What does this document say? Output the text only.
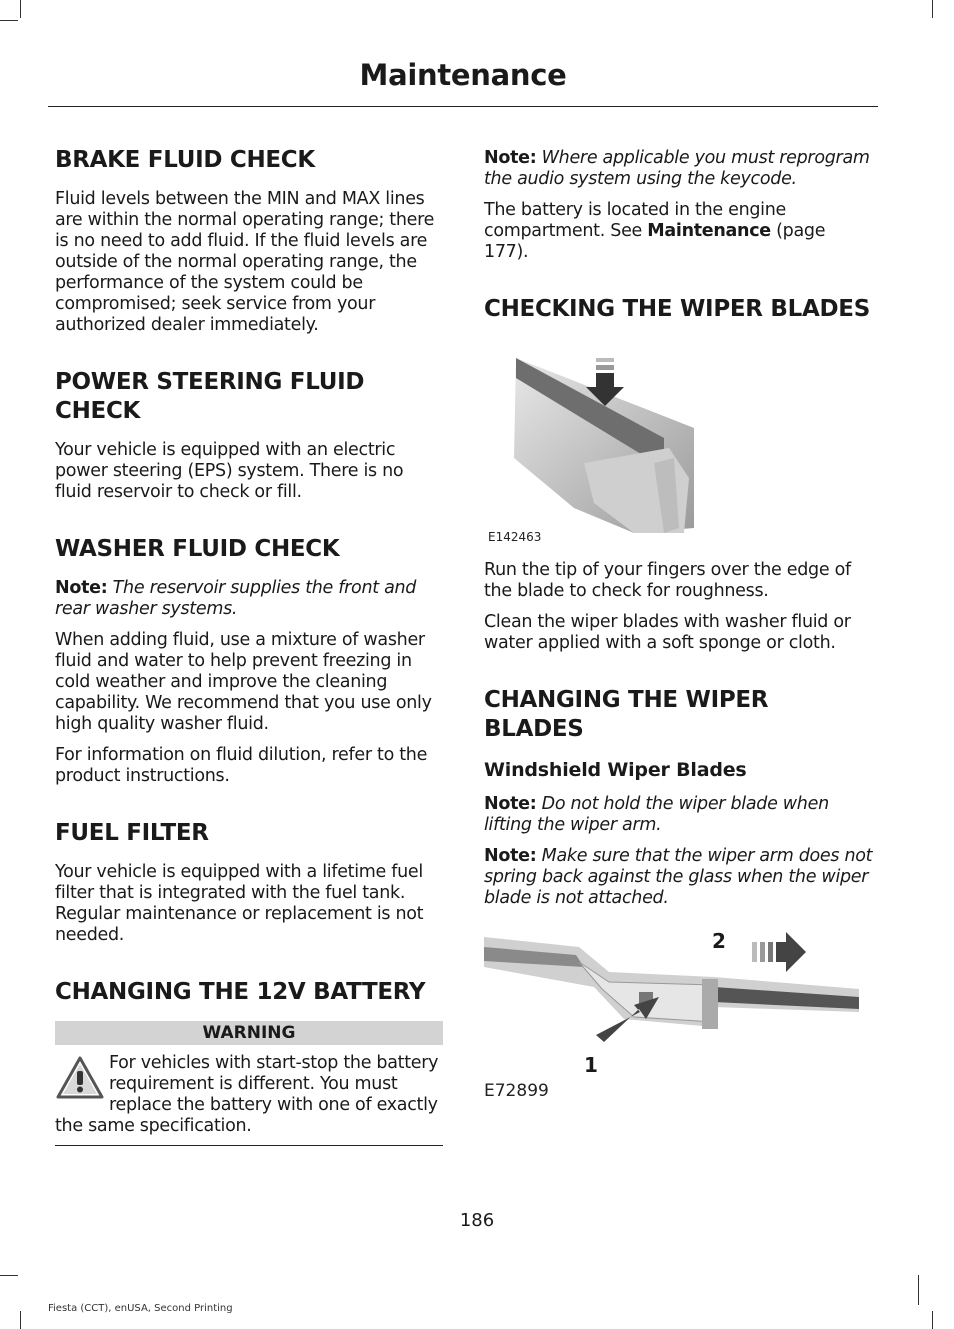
Maintenance
BRAKE FLUID CHECK

Fluid levels between the MIN and MAX lines are within the normal operating range; there is no need to add fluid. If the fluid levels are outside of the normal operating range, the performance of the system could be compromised; seek service from your authorized dealer immediately.

POWER STEERING FLUID CHECK

Your vehicle is equipped with an electric power steering (EPS) system. There is no fluid reservoir to check or fill.

WASHER FLUID CHECK

Note: The reservoir supplies the front and rear washer systems.

When adding fluid, use a mixture of washer fluid and water to help prevent freezing in cold weather and improve the cleaning capability. We recommend that you use only high quality washer fluid.

For information on fluid dilution, refer to the product instructions.

FUEL FILTER

Your vehicle is equipped with a lifetime fuel filter that is integrated with the fuel tank. Regular maintenance or replacement is not needed.

CHANGING THE 12V BATTERY
WARNING
For vehicles with start-stop the battery requirement is different. You must replace the battery with one of exactly the same specification.

Note: Where applicable you must reprogram the audio system using the keycode.

The battery is located in the engine compartment. See Maintenance (page 177).

CHECKING THE WIPER BLADES
E142463

Run the tip of your fingers over the edge of the blade to check for roughness.

Clean the wiper blades with washer fluid or water applied with a soft sponge or cloth.

CHANGING THE WIPER BLADES
Windshield Wiper Blades

Note: Do not hold the wiper blade when lifting the wiper arm.

Note: Make sure that the wiper arm does not spring back against the glass when the wiper blade is not attached.

1
2
E72899
186
Fiesta (CCT), enUSA, Second Printing
